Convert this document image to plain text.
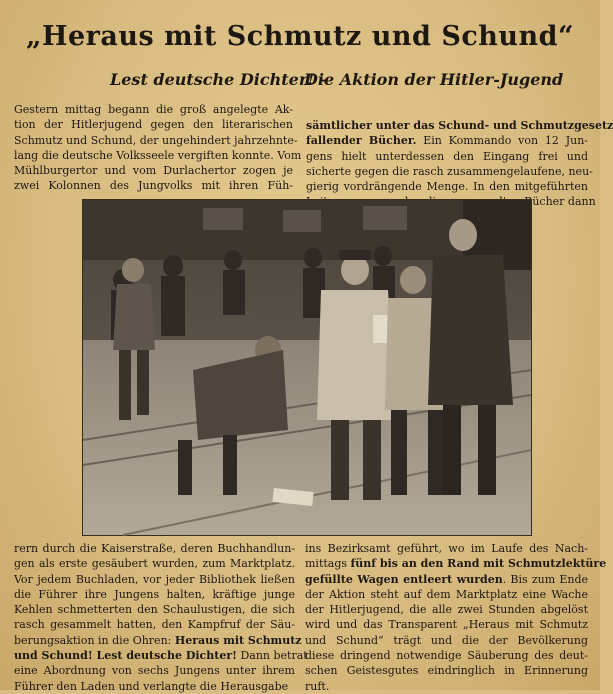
„Heraus mit Schmutz und Schund“
Lest deutsche Dichter! –
Die Aktion der Hitler-Jugend
Gestern mittag begann die groß angelegte Ak-
tion der Hitlerjugend gegen den literarischen
Schmutz und Schund, der ungehindert jahrzehnte-
lang die deutsche Volksseele vergiften konnte. Vom
Mühlburgertor und vom Durlachertor zogen je
zwei Kolonnen des Jungvolks mit ihren Füh-
sämtlicher unter das Schund- und Schmutzgesetz
fallender Bücher. Ein Kommando von 12 Jun-
gens hielt unterdessen den Eingang frei und
sicherte gegen die rasch zusammengelaufene, neu-
gierig vordrängende Menge. In den mitgeführten
Bücher dann
rern durch die Kaiserstraße, deren Buchhandlun-
gen als erste gesäubert wurden, zum Marktplatz.
Vor jedem Buchladen, vor jeder Bibliothek ließen
die Führer ihre Jungens halten, kräftige junge
Kehlen schmetterten den Schaulustigen, die sich
rasch gesammelt hatten, den Kampfruf der Säu-
berungsaktion in die Ohren: Heraus mit Schmutz
und Schund! Lest deutsche Dichter! Dann betrat
eine Abordnung von sechs Jungens unter ihrem
Führer den Laden und verlangte die Herausgabe
ins Bezirksamt geführt, wo im Laufe des Nach-
mittags fünf bis an den Rand mit Schmutzlektüre
gefüllte Wagen entleert wurden. Bis zum Ende
der Aktion steht auf dem Marktplatz eine Wache
der Hitlerjugend, die alle zwei Stunden abgelöst
wird und das Transparent „Heraus mit Schmutz
und Schund“ trägt und die der Bevölkerung
diese dringend notwendige Säuberung des deut-
schen Geistesgutes eindringlich in Erinnerung
ruft.
